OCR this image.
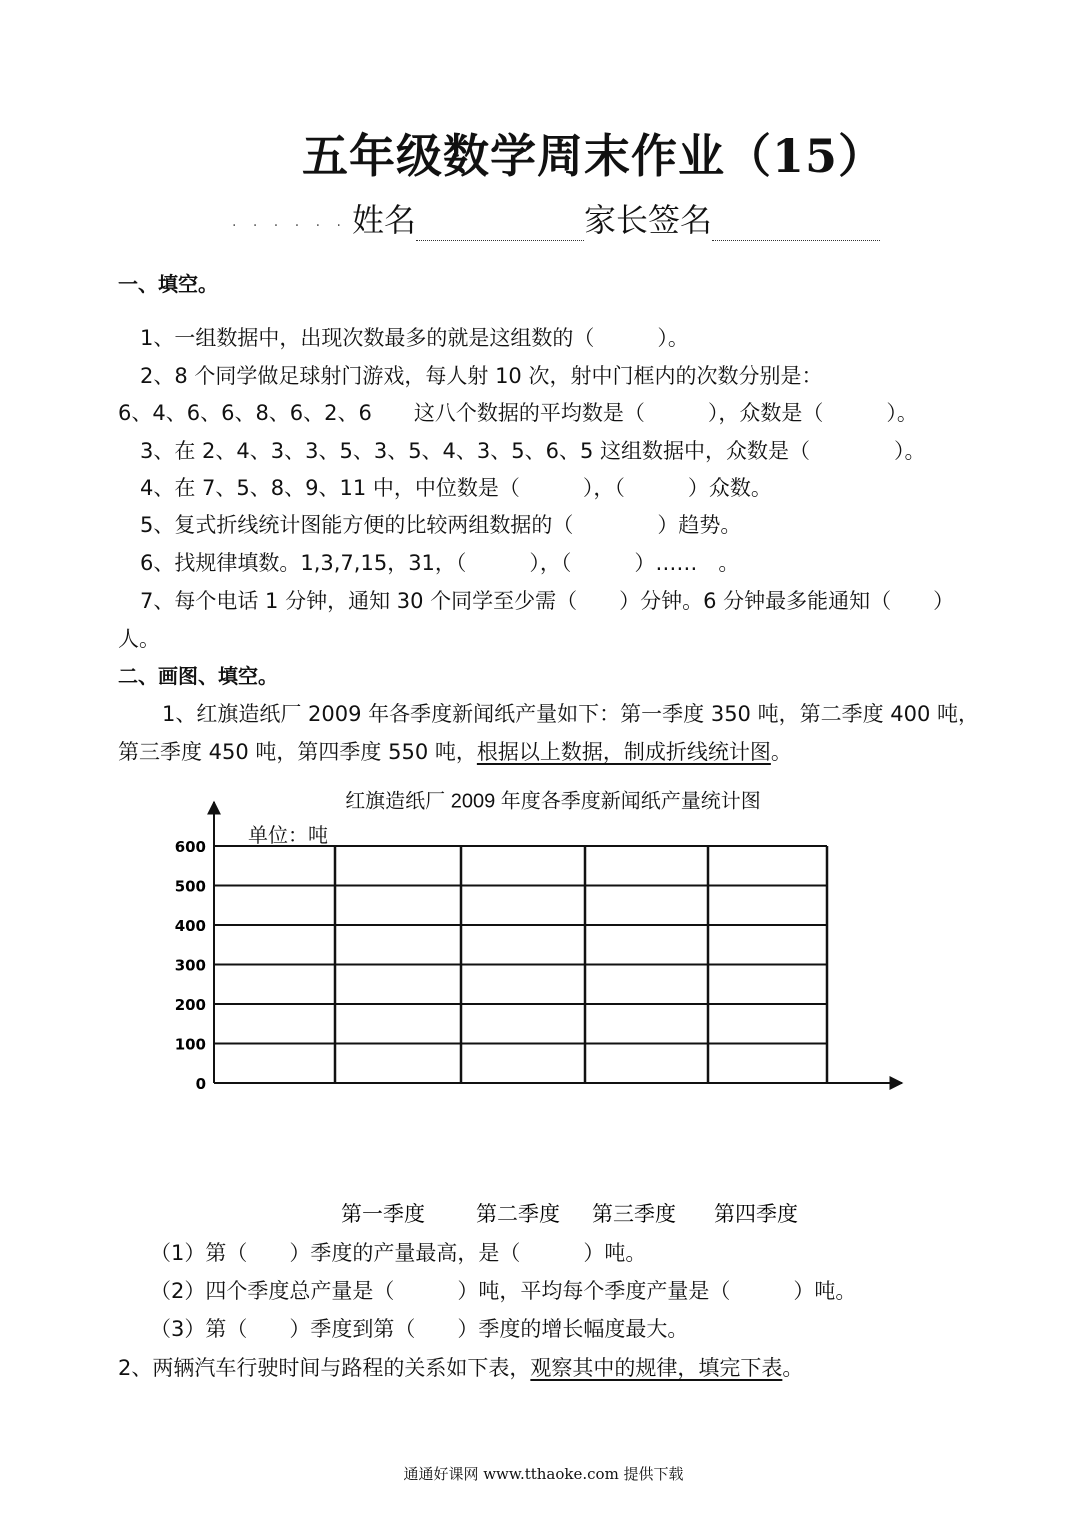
五年级数学周末作业（15）
. . . . . . .
姓名	家长签名
一、填空。
1、一组数据中，出现次数最多的就是这组数的（　　　）。
2、8 个同学做足球射门游戏，每人射 10 次，射中门框内的次数分别是：
6、4、6、6、8、6、2、6　　这八个数据的平均数是（　　　），众数是（　　　）。
3、在 2、4、3、3、5、3、5、4、3、5、6、5 这组数据中，众数是（　　　　）。
4、在 7、5、8、9、11 中，中位数是（　　　），（　　　）众数。
5、复式折线统计图能方便的比较两组数据的（　　　　）趋势。
6、找规律填数。1,3,7,15，31，（　　　），（　　　）……　。
7、每个电话 1 分钟，通知 30 个同学至少需（　　）分钟。6 分钟最多能通知（　　）
人。
二、画图、填空。
1、红旗造纸厂 2009 年各季度新闻纸产量如下：第一季度 350 吨，第二季度 400 吨，
第三季度 450 吨，第四季度 550 吨，根据以上数据，制成折线统计图。
红旗造纸厂 2009 年度各季度新闻纸产量统计图
单位：吨
0
100
200
300
400
500
600
第一季度 第二季度 第三季度 第四季度
（1）第（　　）季度的产量最高，是（　　　）吨。
（2）四个季度总产量是（　　　）吨，平均每个季度产量是（　　　）吨。
（3）第（　　）季度到第（　　）季度的增长幅度最大。
2、两辆汽车行驶时间与路程的关系如下表，观察其中的规律，填完下表。
通通好课网 www.tthaoke.com 提供下载
